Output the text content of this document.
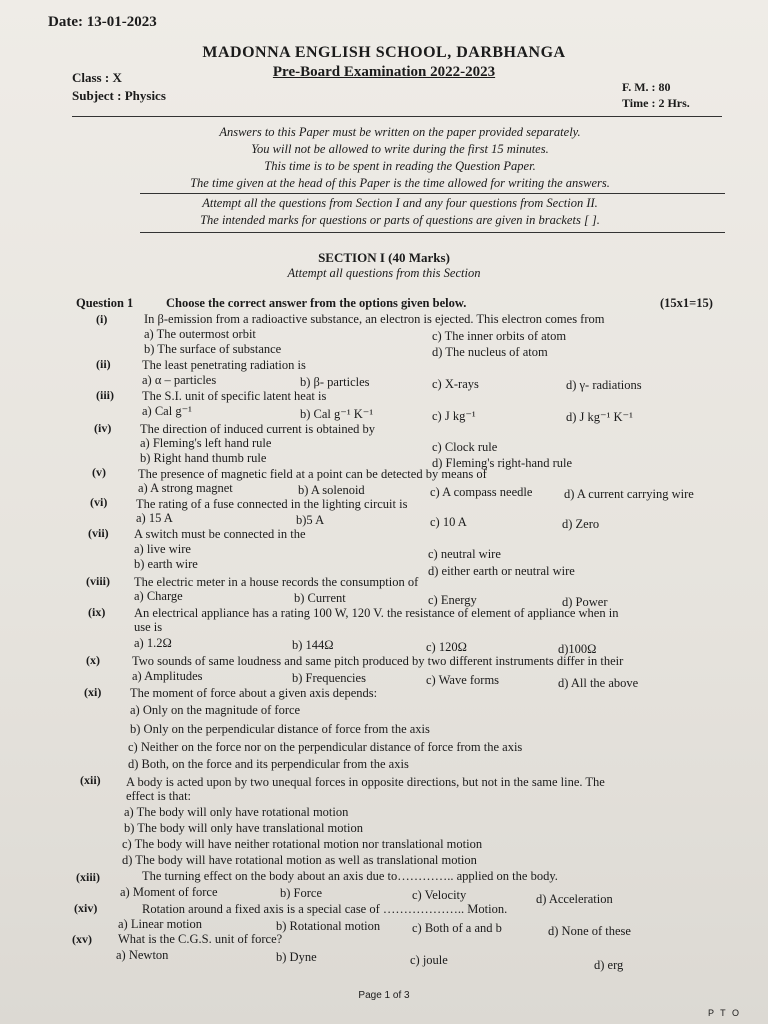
Date: 13-01-2023
MADONNA ENGLISH SCHOOL, DARBHANGA
Pre-Board Examination 2022-2023
Class : X
Subject : Physics
F. M. : 80
Time : 2 Hrs.
Answers to this Paper must be written on the paper provided separately.
You will not be allowed to write during the first 15 minutes.
This time is to be spent in reading the Question Paper.
The time given at the head of this Paper is the time allowed for writing the answers.
Attempt all the questions from Section I and any four questions from Section II.
The intended marks for questions or parts of questions are given in brackets [ ].
SECTION I (40 Marks)
Attempt all questions from this Section
Question 1	Choose the correct answer from the options given below.	(15x1=15)
(i)	In β-emission from a radioactive substance, an electron is ejected. This electron comes from
a) The outermost orbit	c) The inner orbits of atom
b) The surface of substance	d) The nucleus of atom
(ii)	The least penetrating radiation is
a) α – particles	b) β- particles	c) X-rays	d) γ- radiations
(iii) The S.I. unit of specific latent heat is
a) Cal g⁻¹	b) Cal g⁻¹ K⁻¹	c) J kg⁻¹	d) J kg⁻¹ K⁻¹
(iv) The direction of induced current is obtained by
a) Fleming's left hand rule	c) Clock rule
b) Right hand thumb rule	d) Fleming's right-hand rule
(v)	The presence of magnetic field at a point can be detected by means of
a) A strong magnet	b) A solenoid	c) A compass needle	d) A current carrying wire
(vi) The rating of a fuse connected in the lighting circuit is
a) 15 A	b)5 A	c) 10 A	d) Zero
(vii) A switch must be connected in the
a) live wire	c) neutral wire
b) earth wire	d) either earth or neutral wire
(viii) The electric meter in a house records the consumption of
a) Charge	b) Current	c) Energy	d) Power
(ix) An electrical appliance has a rating 100 W, 120 V. the resistance of element of appliance when in
use is
a) 1.2Ω	b) 144Ω	c) 120Ω	d)100Ω
(x)	Two sounds of same loudness and same pitch produced by two different instruments differ in their
a) Amplitudes	b) Frequencies	c) Wave forms	d) All the above
(xi) The moment of force about a given axis depends:
a) Only on the magnitude of force
b) Only on the perpendicular distance of force from the axis
c) Neither on the force nor on the perpendicular distance of force from the axis
d) Both, on the force and its perpendicular from the axis
(xii) A body is acted upon by two unequal forces in opposite directions, but not in the same line. The
effect is that:
a) The body will only have rotational motion
b) The body will only have translational motion
c) The body will have neither rotational motion nor translational motion
d) The body will have rotational motion as well as translational motion
(xiii)	The turning effect on the body about an axis due to………….. applied on the body.
a) Moment of force	b) Force	c) Velocity	d) Acceleration
(xiv)	Rotation around a fixed axis is a special case of ……………….. Motion.
a) Linear motion	b) Rotational motion	c) Both of a and b	d) None of these
(xv) What is the C.G.S. unit of force?
a) Newton	b) Dyne	c) joule	d) erg
Page 1 of 3
P T O
